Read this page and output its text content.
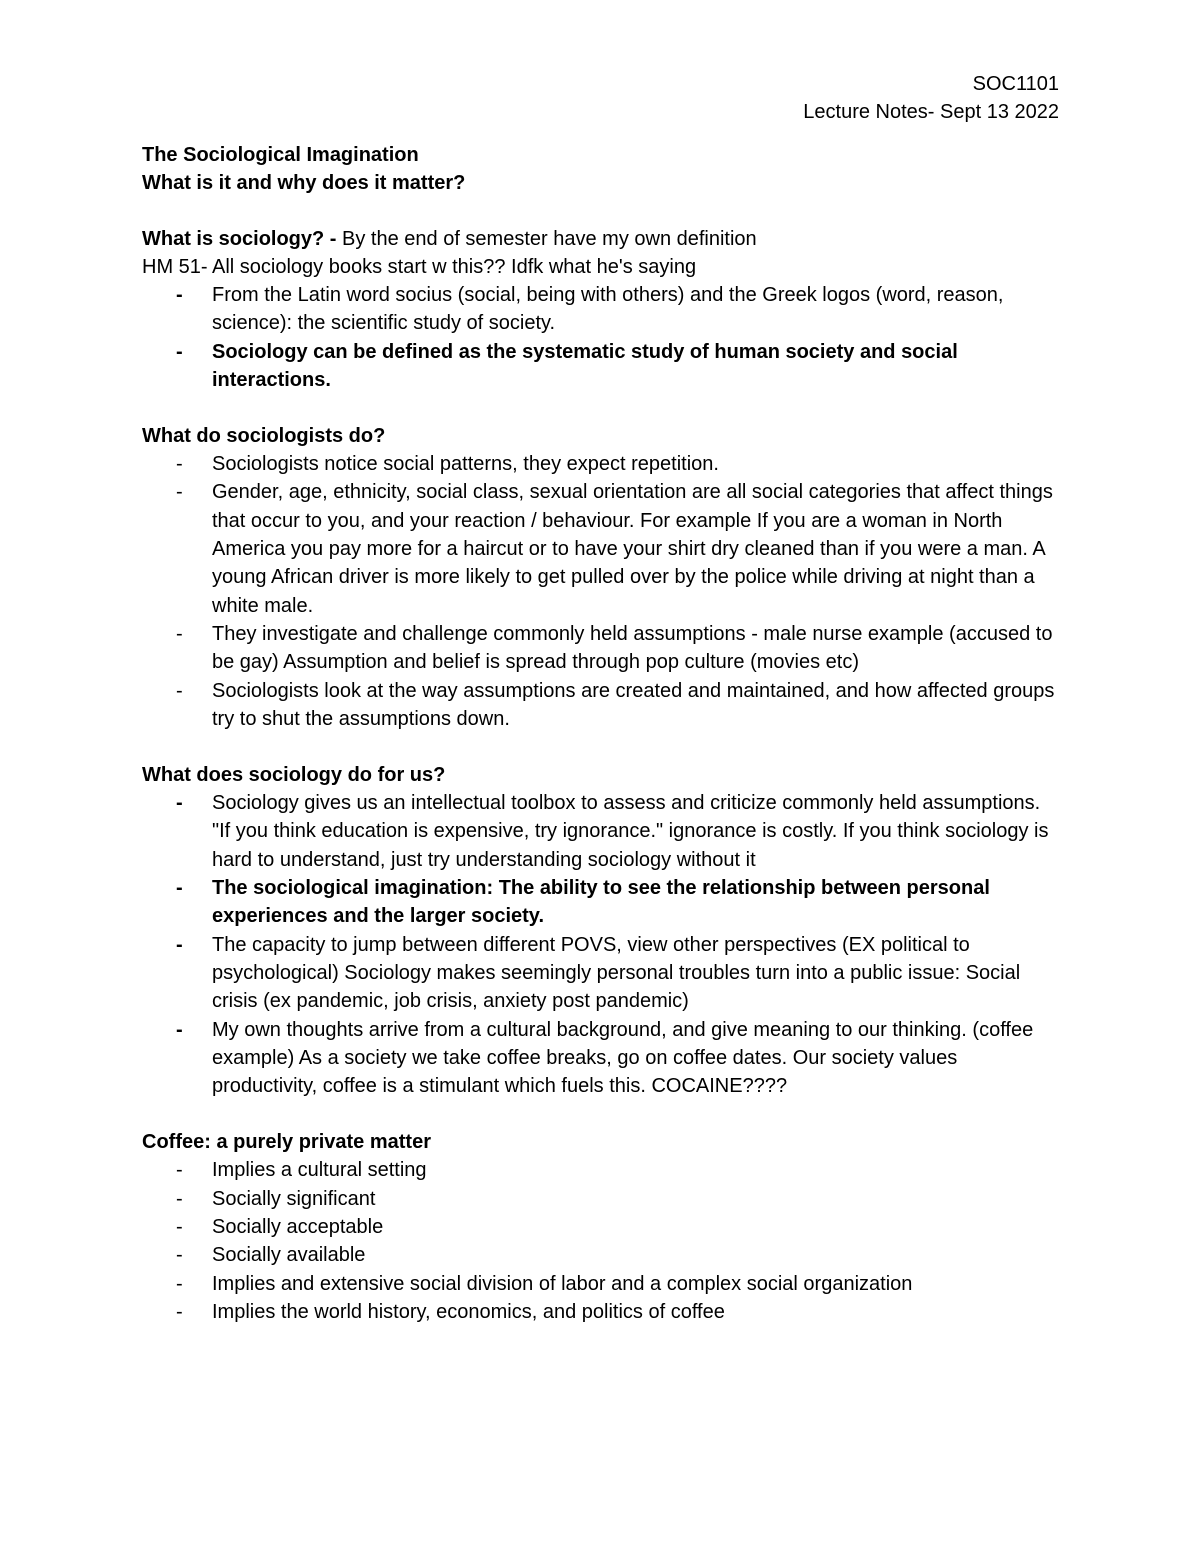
SOC1101
Lecture Notes- Sept 13 2022

The Sociological Imagination

What is it and why does it matter?

What is sociology? - By the end of semester have my own definition

HM 51- All sociology books start w this?? Idfk what he's saying

- From the Latin word socius (social, being with others) and the Greek logos (word, reason, science): the scientific study of society.
- Sociology can be defined as the systematic study of human society and social interactions.

What do sociologists do?

- Sociologists notice social patterns, they expect repetition.
- Gender, age, ethnicity, social class, sexual orientation are all social categories that affect things that occur to you, and your reaction / behaviour. For example If you are a woman in North America you pay more for a haircut or to have your shirt dry cleaned than if you were a man. A young African driver is more likely to get pulled over by the police while driving at night than a white male.
- They investigate and challenge commonly held assumptions - male nurse example (accused to be gay) Assumption and belief is spread through pop culture (movies etc)
- Sociologists look at the way assumptions are created and maintained, and how affected groups try to shut the assumptions down.

What does sociology do for us?

- Sociology gives us an intellectual toolbox to assess and criticize commonly held assumptions. "If you think education is expensive, try ignorance." ignorance is costly. If you think sociology is hard to understand, just try understanding sociology without it
- The sociological imagination: The ability to see the relationship between personal experiences and the larger society.
- The capacity to jump between different POVS, view other perspectives (EX political to psychological) Sociology makes seemingly personal troubles turn into a public issue: Social crisis (ex pandemic, job crisis, anxiety post pandemic)
- My own thoughts arrive from a cultural background, and give meaning to our thinking. (coffee example) As a society we take coffee breaks, go on coffee dates. Our society values productivity, coffee is a stimulant which fuels this. COCAINE????

Coffee: a purely private matter

- Implies a cultural setting
- Socially significant
- Socially acceptable
- Socially available
- Implies and extensive social division of labor and a complex social organization
- Implies the world history, economics, and politics of coffee
